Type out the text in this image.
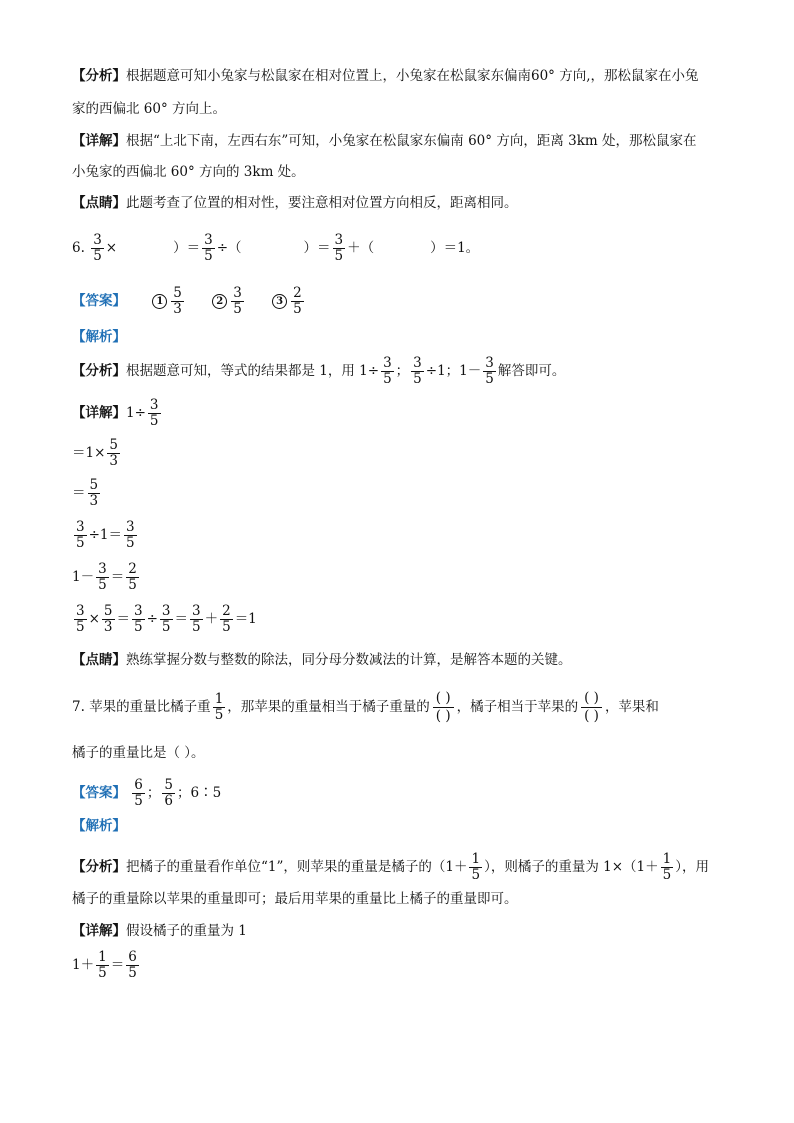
【分析】根据题意可知小兔家与松鼠家在相对位置上，小兔家在松鼠家东偏南60° 方向,，那松鼠家在小兔
家的西偏北 60° 方向上。
【详解】根据“上北下南，左西右东”可知，小兔家在松鼠家东偏南 60° 方向，距离 3km 处，那松鼠家在
小兔家的西偏北 60° 方向的 3km 处。
【点睛】此题考查了位置的相对性，要注意相对位置方向相反，距离相同。
6. $\frac{3}{5}$ ×	）＝ $\frac{3}{5}$ ÷（	）＝ $\frac{3}{5}$ ＋（	）＝1。
【答案】	$1 \frac{5}{3}$	$2 \frac{3}{5}$	$3 \frac{2}{5}$
【解析】
【分析】根据题意可知，等式的结果都是 1，用 $1\div \frac{3}{5}$ ； $\frac{3}{5} \div 1$；$1- \frac{3}{5}$ 解答即可。
【详解】$1\div \frac{3}{5}$
$=1\times \frac{5}{3}$
＝ $\frac{5}{3}$
$\frac{3}{5} \div 1= \frac{3}{5}$
$1- \frac{3}{5} = \frac{2}{5}$
$\frac{3}{5} \times \frac{5}{3} = \frac{3}{5} \div \frac{3}{5} = \frac{3}{5} + \frac{2}{5} =1$
【点睛】熟练掌握分数与整数的除法，同分母分数减法的计算，是解答本题的关键。
7. 苹果的重量比橘子重 $\frac{1}{5}$ ，那苹果的重量相当于橘子重量的 $\frac{( )}{( )}$ ，橘子相当于苹果的 $\frac{( )}{( )}$ ，苹果和
橘子的重量比是（ ）。
【答案】 $\frac{6}{5}$ ； $\frac{5}{6}$ ；6∶5
【解析】
【分析】把橘子的重量看作单位“1”，则苹果的重量是橘子的（$1+ \frac{1}{5}$ ），则橘子的重量为 $1\times(1+ \frac{1}{5}$ ），用
橘子的重量除以苹果的重量即可；最后用苹果的重量比上橘子的重量即可。
【详解】假设橘子的重量为 1
$1+ \frac{1}{5} = \frac{6}{5}$
